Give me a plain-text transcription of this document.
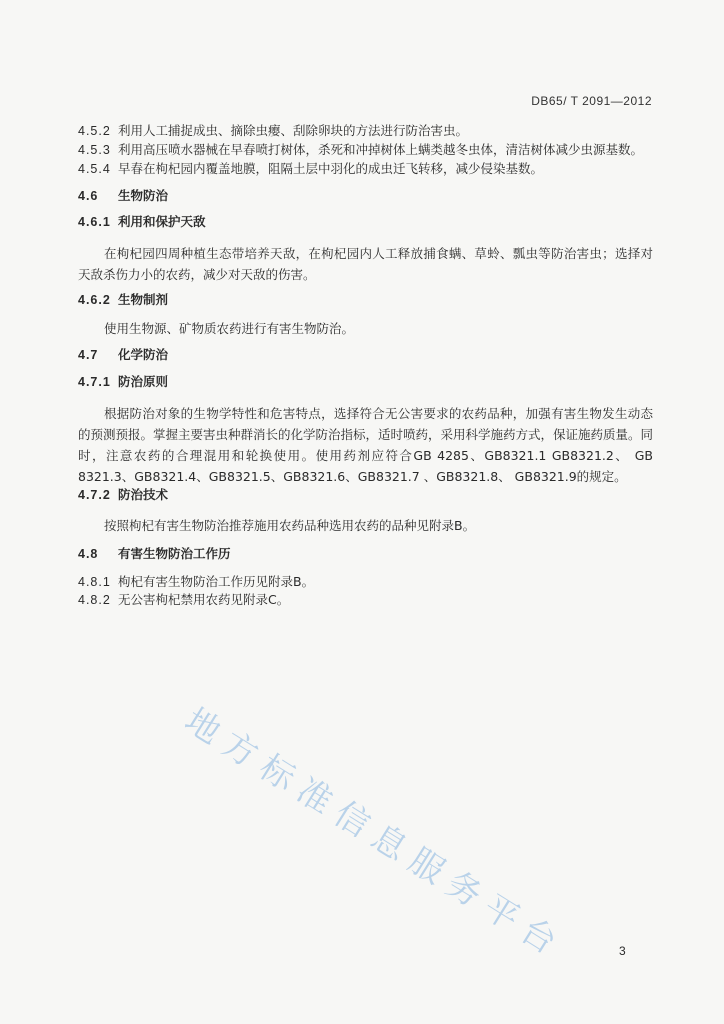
DB65/ T 2091—2012
4.5.2 利用人工捕捉成虫、摘除虫瘿、刮除卵块的方法进行防治害虫。
4.5.3 利用高压喷水器械在早春喷打树体，杀死和冲掉树体上螨类越冬虫体，清洁树体减少虫源基数。
4.5.4 早春在枸杞园内覆盖地膜，阻隔土层中羽化的成虫迁飞转移，减少侵染基数。
4.6 生物防治
4.6.1 利用和保护天敌
在枸杞园四周种植生态带培养天敌，在枸杞园内人工释放捕食螨、草蛉、瓢虫等防治害虫；选择对天敌杀伤力小的农药，减少对天敌的伤害。
4.6.2 生物制剂
使用生物源、矿物质农药进行有害生物防治。
4.7 化学防治
4.7.1 防治原则
根据防治对象的生物学特性和危害特点，选择符合无公害要求的农药品种，加强有害生物发生动态的预测预报。掌握主要害虫种群消长的化学防治指标，适时喷药，采用科学施药方式，保证施药质量。同时，注意农药的合理混用和轮换使用。使用药剂应符合GB 4285、GB8321.1 GB8321.2、 GB 8321.3、GB8321.4、GB8321.5、GB8321.6、GB8321.7 、GB8321.8、 GB8321.9的规定。
4.7.2 防治技术
按照枸杞有害生物防治推荐施用农药品种选用农药的品种见附录B。
4.8 有害生物防治工作历
4.8.1 枸杞有害生物防治工作历见附录B。
4.8.2 无公害枸杞禁用农药见附录C。
地方标准信息服务平台	3
